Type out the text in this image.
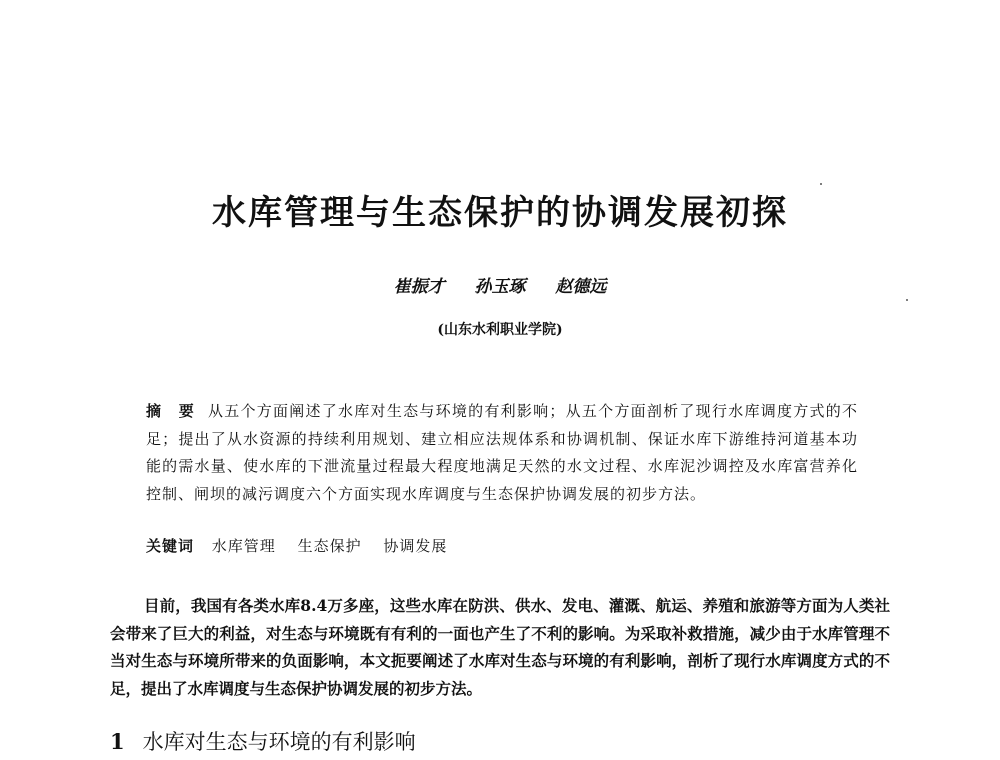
水库管理与生态保护的协调发展初探
崔振才 孙玉琢 赵德远
(山东水利职业学院)
摘 要 从五个方面阐述了水库对生态与环境的有利影响；从五个方面剖析了现行水库调度方式的不足；提出了从水资源的持续利用规划、建立相应法规体系和协调机制、保证水库下游维持河道基本功能的需水量、使水库的下泄流量过程最大程度地满足天然的水文过程、水库泥沙调控及水库富营养化控制、闸坝的减污调度六个方面实现水库调度与生态保护协调发展的初步方法。
关键词 水库管理 生态保护 协调发展
目前，我国有各类水库8.4万多座，这些水库在防洪、供水、发电、灌溉、航运、养殖和旅游等方面为人类社会带来了巨大的利益，对生态与环境既有有利的一面也产生了不利的影响。为采取补救措施，减少由于水库管理不当对生态与环境所带来的负面影响，本文扼要阐述了水库对生态与环境的有利影响，剖析了现行水库调度方式的不足，提出了水库调度与生态保护协调发展的初步方法。
1 水库对生态与环境的有利影响
